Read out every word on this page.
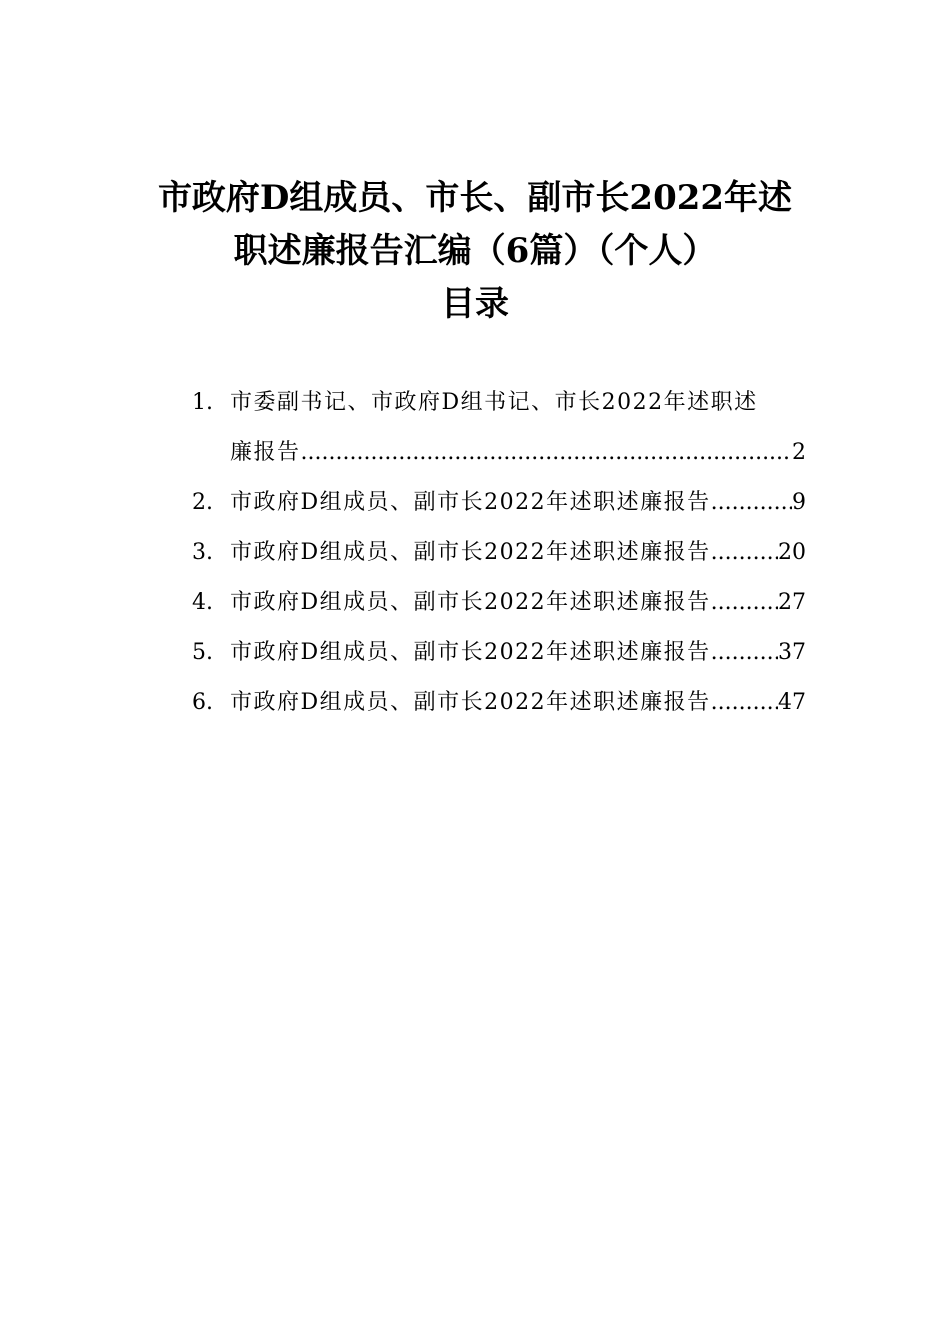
市政府D组成员、市长、副市长2022年述
职述廉报告汇编（6篇）（个人）
目录
1. 市委副书记、市政府D组书记、市长2022年述职述
廉报告 .....	2
2. 市政府D组成员、副市长2022年述职述廉报告 .....	9
3. 市政府D组成员、副市长2022年述职述廉报告 .....	20
4. 市政府D组成员、副市长2022年述职述廉报告 .....	27
5. 市政府D组成员、副市长2022年述职述廉报告 .....	37
6. 市政府D组成员、副市长2022年述职述廉报告 .....	47
